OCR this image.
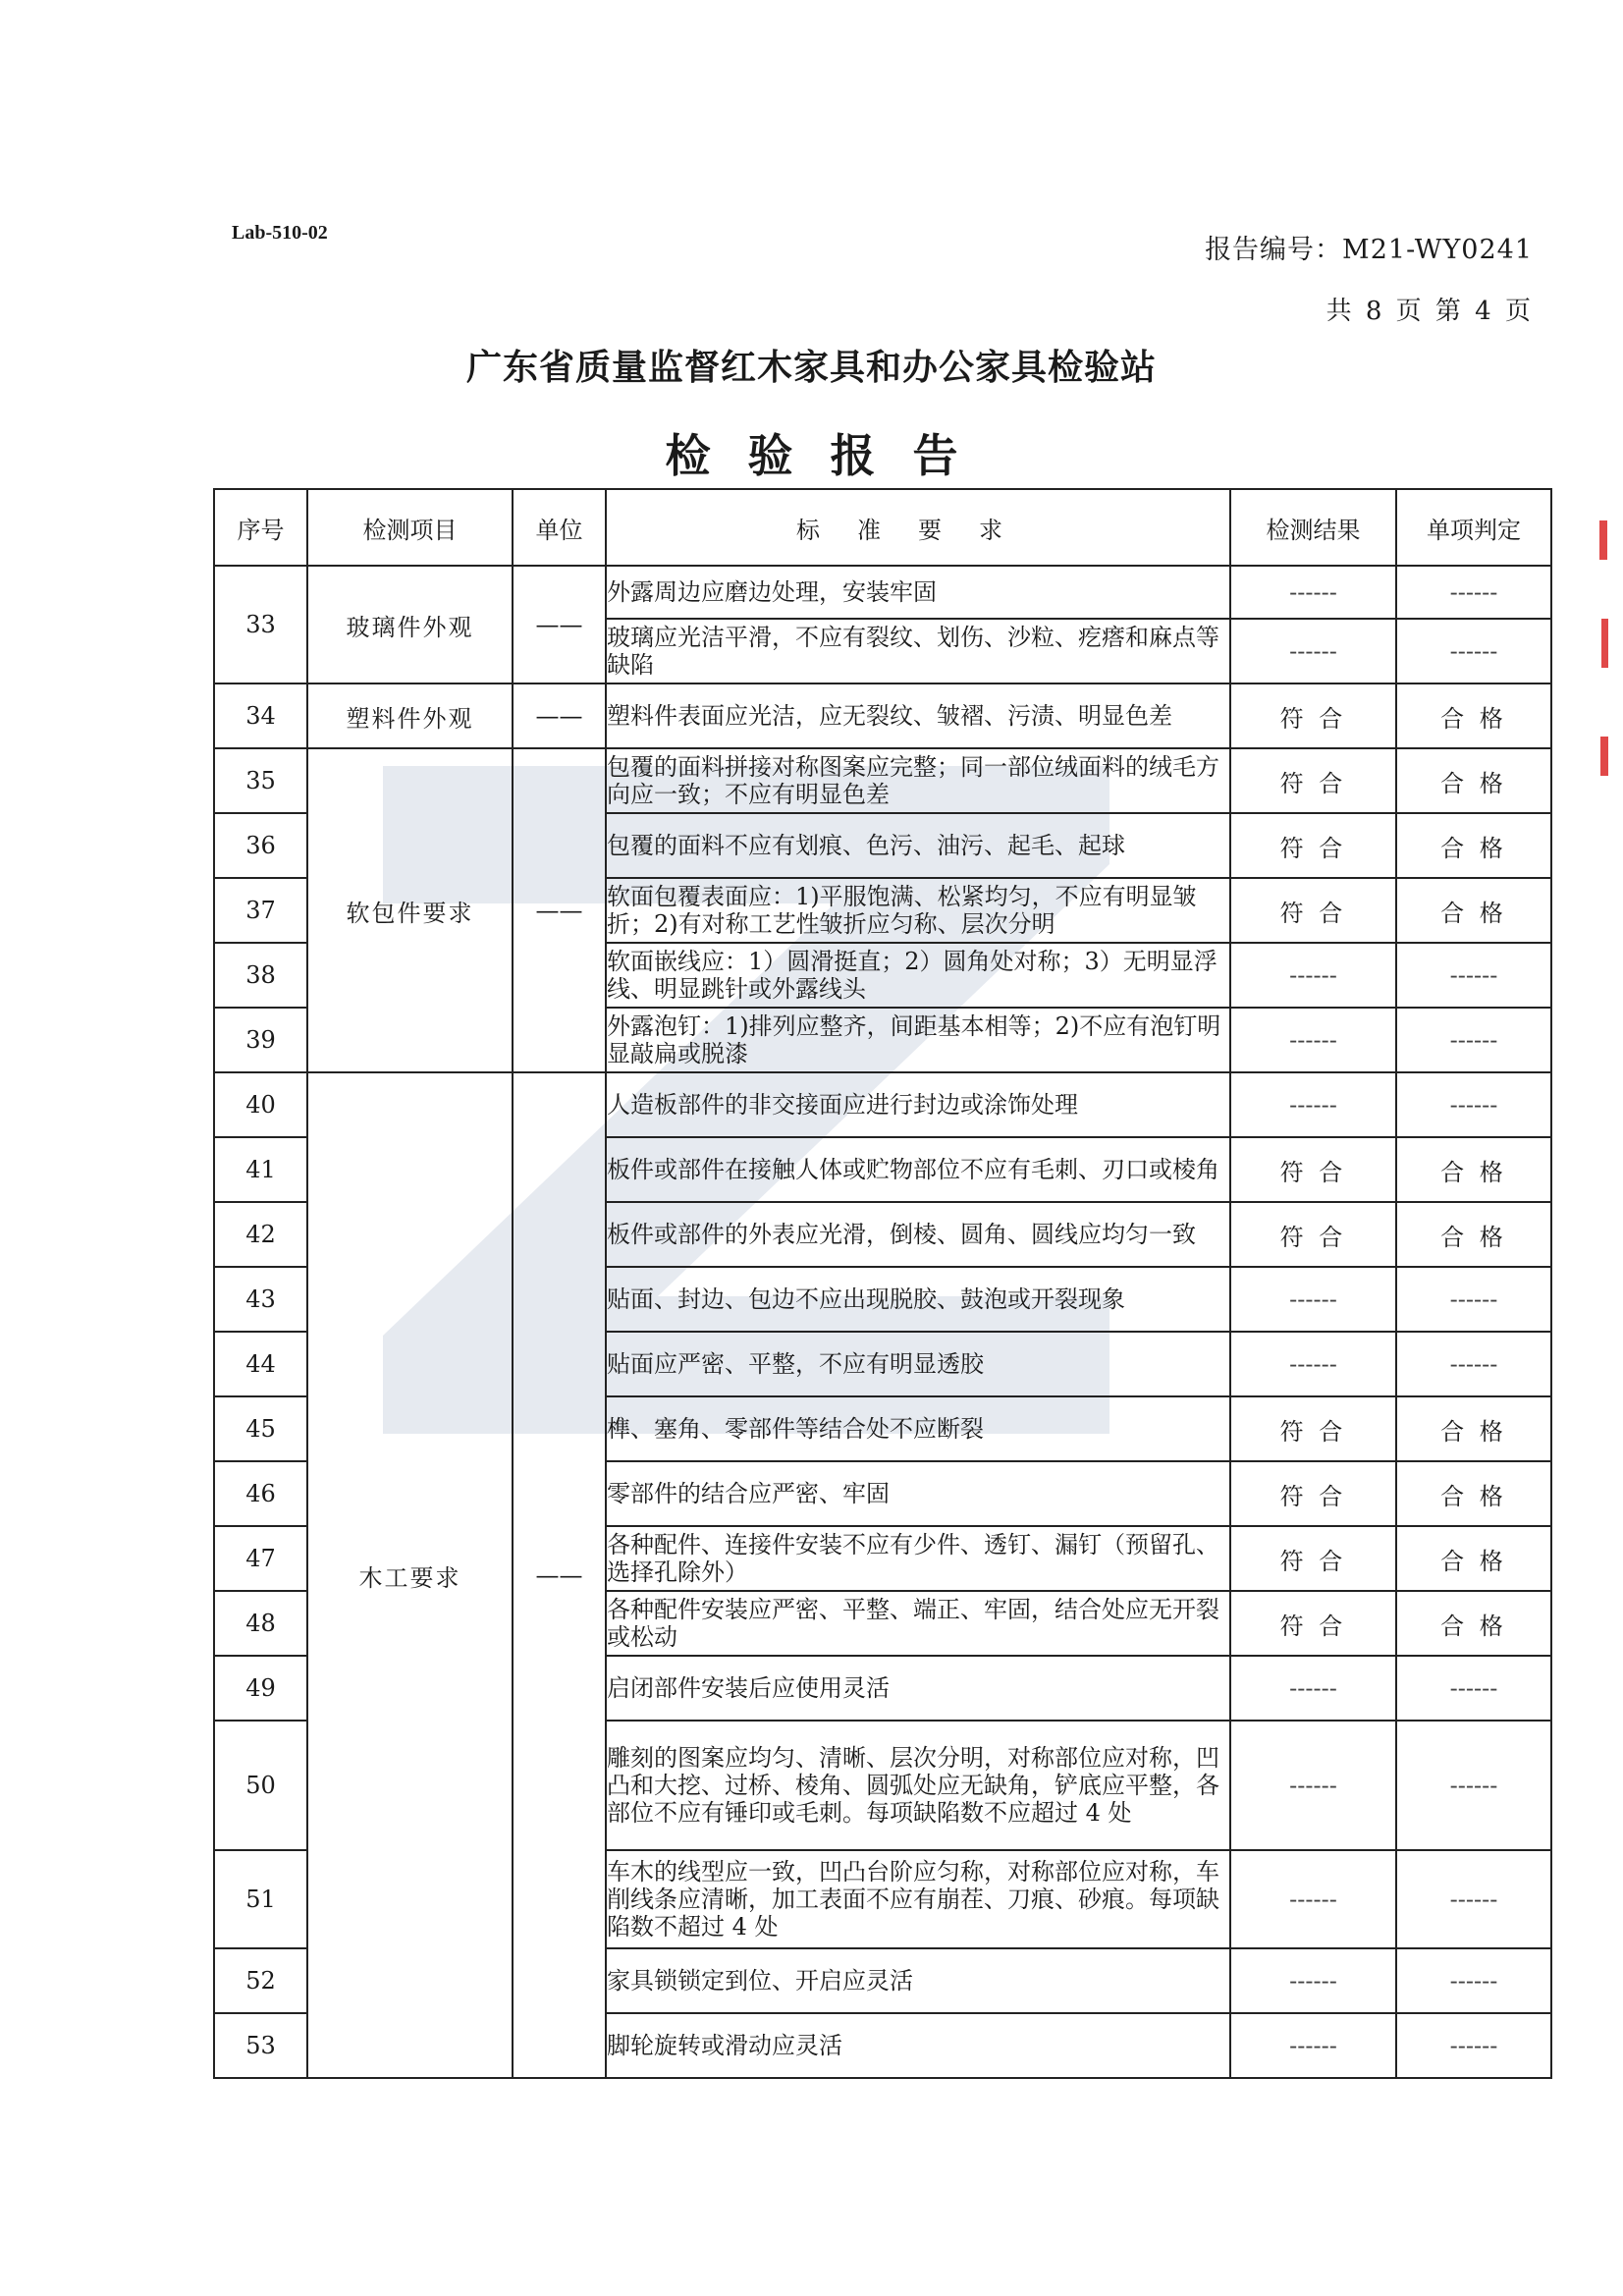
Lab-510-02
报告编号：M21-WY0241
共 8 页 第 4 页
广东省质量监督红木家具和办公家具检验站
检验报告
序号	检测项目	单位	标准要求	检测结果	单项判定
33	玻璃件外观	——	外露周边应磨边处理，安装牢固	------	------
			玻璃应光洁平滑，不应有裂纹、划伤、沙粒、疙瘩和麻点等缺陷	------	------
34	塑料件外观	——	塑料件表面应光洁，应无裂纹、皱褶、污渍、明显色差	符 合	合 格
35	软包件要求	——	包覆的面料拼接对称图案应完整；同一部位绒面料的绒毛方向应一致；不应有明显色差	符 合	合 格
36			包覆的面料不应有划痕、色污、油污、起毛、起球	符 合	合 格
37			软面包覆表面应：1)平服饱满、松紧均匀，不应有明显皱折；2)有对称工艺性皱折应匀称、层次分明	符 合	合 格
38			软面嵌线应：1）圆滑挺直；2）圆角处对称；3）无明显浮线、明显跳针或外露线头	------	------
39			外露泡钉：1)排列应整齐，间距基本相等；2)不应有泡钉明显敲扁或脱漆	------	------
40	木工要求	——	人造板部件的非交接面应进行封边或涂饰处理	------	------
41			板件或部件在接触人体或贮物部位不应有毛刺、刃口或棱角	符 合	合 格
42			板件或部件的外表应光滑，倒棱、圆角、圆线应均匀一致	符 合	合 格
43			贴面、封边、包边不应出现脱胶、鼓泡或开裂现象	------	------
44			贴面应严密、平整，不应有明显透胶	------	------
45			榫、塞角、零部件等结合处不应断裂	符 合	合 格
46			零部件的结合应严密、牢固	符 合	合 格
47			各种配件、连接件安装不应有少件、透钉、漏钉（预留孔、选择孔除外）	符 合	合 格
48			各种配件安装应严密、平整、端正、牢固，结合处应无开裂或松动	符 合	合 格
49			启闭部件安装后应使用灵活	------	------
50			雕刻的图案应均匀、清晰、层次分明，对称部位应对称，凹凸和大挖、过桥、棱角、圆弧处应无缺角，铲底应平整，各部位不应有锤印或毛刺。每项缺陷数不应超过 4 处	------	------
51			车木的线型应一致，凹凸台阶应匀称，对称部位应对称，车削线条应清晰，加工表面不应有崩茬、刀痕、砂痕。每项缺陷数不超过 4 处	------	------
52			家具锁锁定到位、开启应灵活	------	------
53			脚轮旋转或滑动应灵活	------	------
